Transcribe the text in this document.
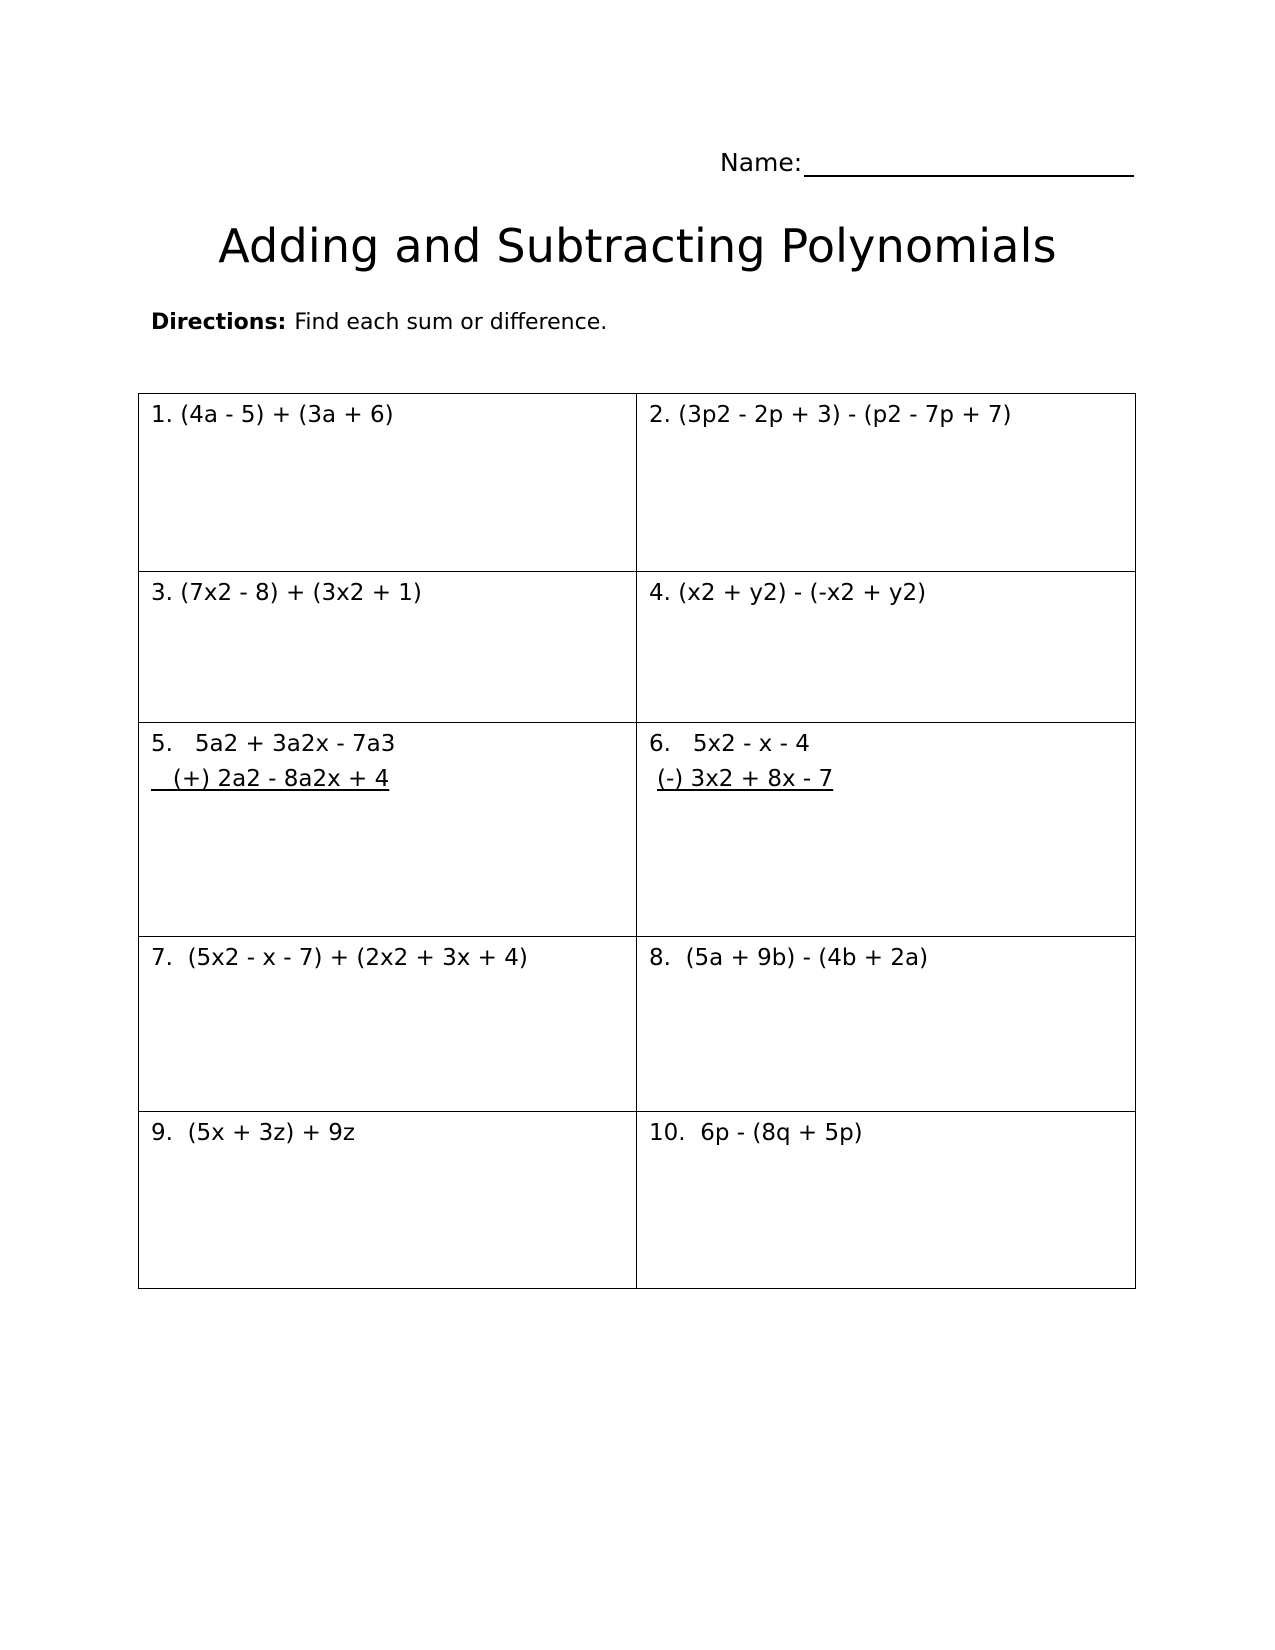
Name:
Adding and Subtracting Polynomials
Directions: Find each sum or difference.
1. (4a - 5) + (3a + 6)	2. (3p2 - 2p + 3) - (p2 - 7p + 7)
3. (7x2 - 8) + (3x2 + 1)	4. (x2 + y2) - (-x2 + y2)
5.   5a2 + 3a2x - 7a3
(+) 2a2 - 8a2x + 4
6.   5x2 - x - 4
(-) 3x2 + 8x - 7
7.  (5x2 - x - 7) + (2x2 + 3x + 4)	8.  (5a + 9b) - (4b + 2a)
9.  (5x + 3z) + 9z	10.  6p - (8q + 5p)
